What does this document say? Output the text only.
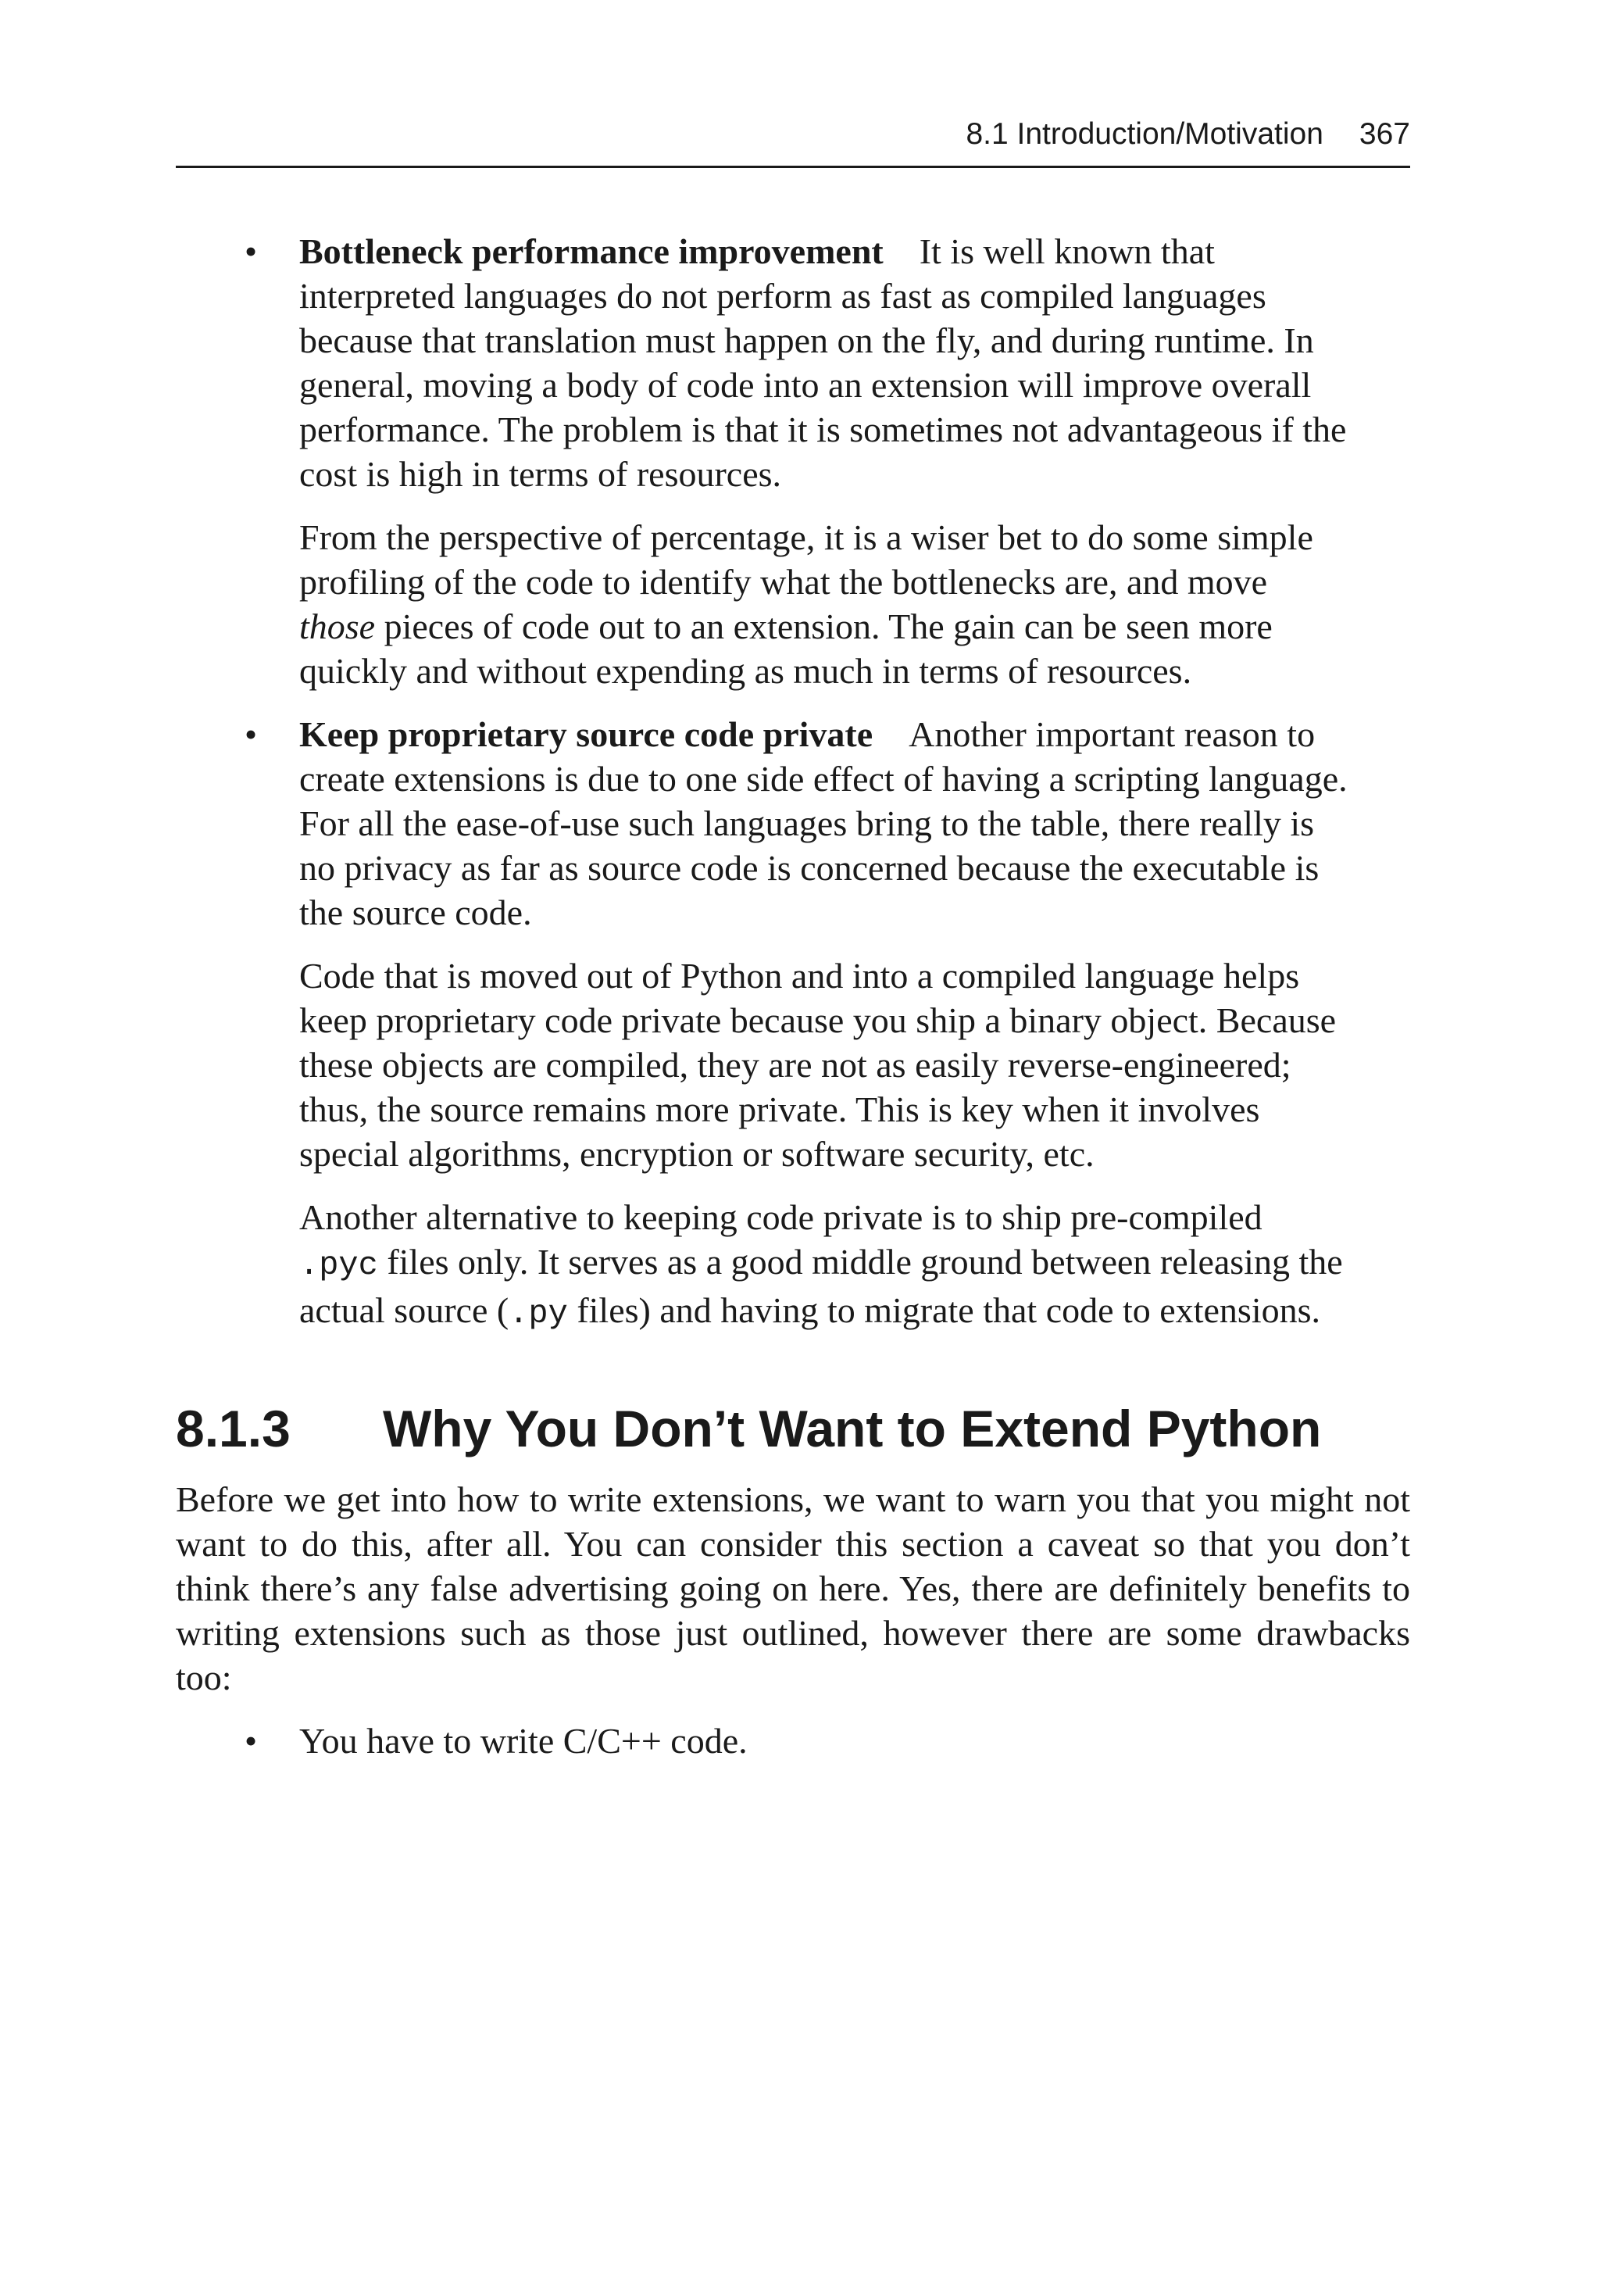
8.1 Introduction/Motivation 367
• Bottleneck performance improvement It is well known that interpreted languages do not perform as fast as compiled languages because that translation must happen on the fly, and during runtime. In general, moving a body of code into an extension will improve overall performance. The problem is that it is sometimes not advantageous if the cost is high in terms of resources.

From the perspective of percentage, it is a wiser bet to do some simple profiling of the code to identify what the bottlenecks are, and move those pieces of code out to an extension. The gain can be seen more quickly and without expending as much in terms of resources.

• Keep proprietary source code private Another important reason to create extensions is due to one side effect of having a scripting language. For all the ease-of-use such languages bring to the table, there really is no privacy as far as source code is concerned because the executable is the source code.

Code that is moved out of Python and into a compiled language helps keep proprietary code private because you ship a binary object. Because these objects are compiled, they are not as easily reverse-engineered; thus, the source remains more private. This is key when it involves special algorithms, encryption or software security, etc.

Another alternative to keeping code private is to ship pre-compiled .pyc files only. It serves as a good middle ground between releasing the actual source (.py files) and having to migrate that code to extensions.

8.1.3	Why You Don’t Want to Extend Python

Before we get into how to write extensions, we want to warn you that you might not want to do this, after all. You can consider this section a caveat so that you don’t think there’s any false advertising going on here. Yes, there are definitely benefits to writing extensions such as those just outlined, however there are some drawbacks too:

• You have to write C/C++ code.
